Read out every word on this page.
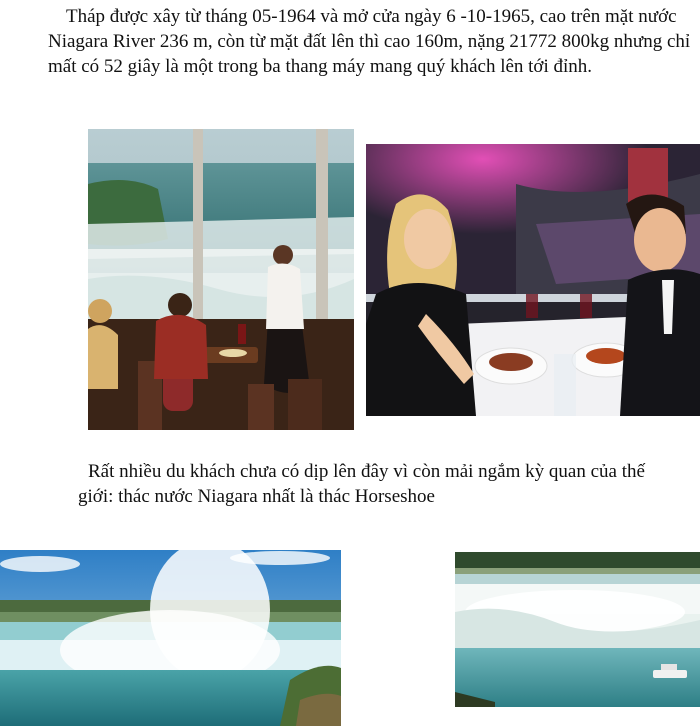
Tháp được xây từ tháng 05-1964 và mở cửa ngày 6 -10-1965, cao trên mặt nước Niagara River 236 m, còn từ mặt đất lên thì cao 160m, nặng 21772 800kg nhưng chỉ mất có 52 giây là một trong ba thang máy mang quý khách lên tới đỉnh.

Rất nhiều du khách chưa có dịp lên đây vì còn mải ngắm kỳ quan của thế giới: thác nước Niagara nhất là thác Horseshoe
